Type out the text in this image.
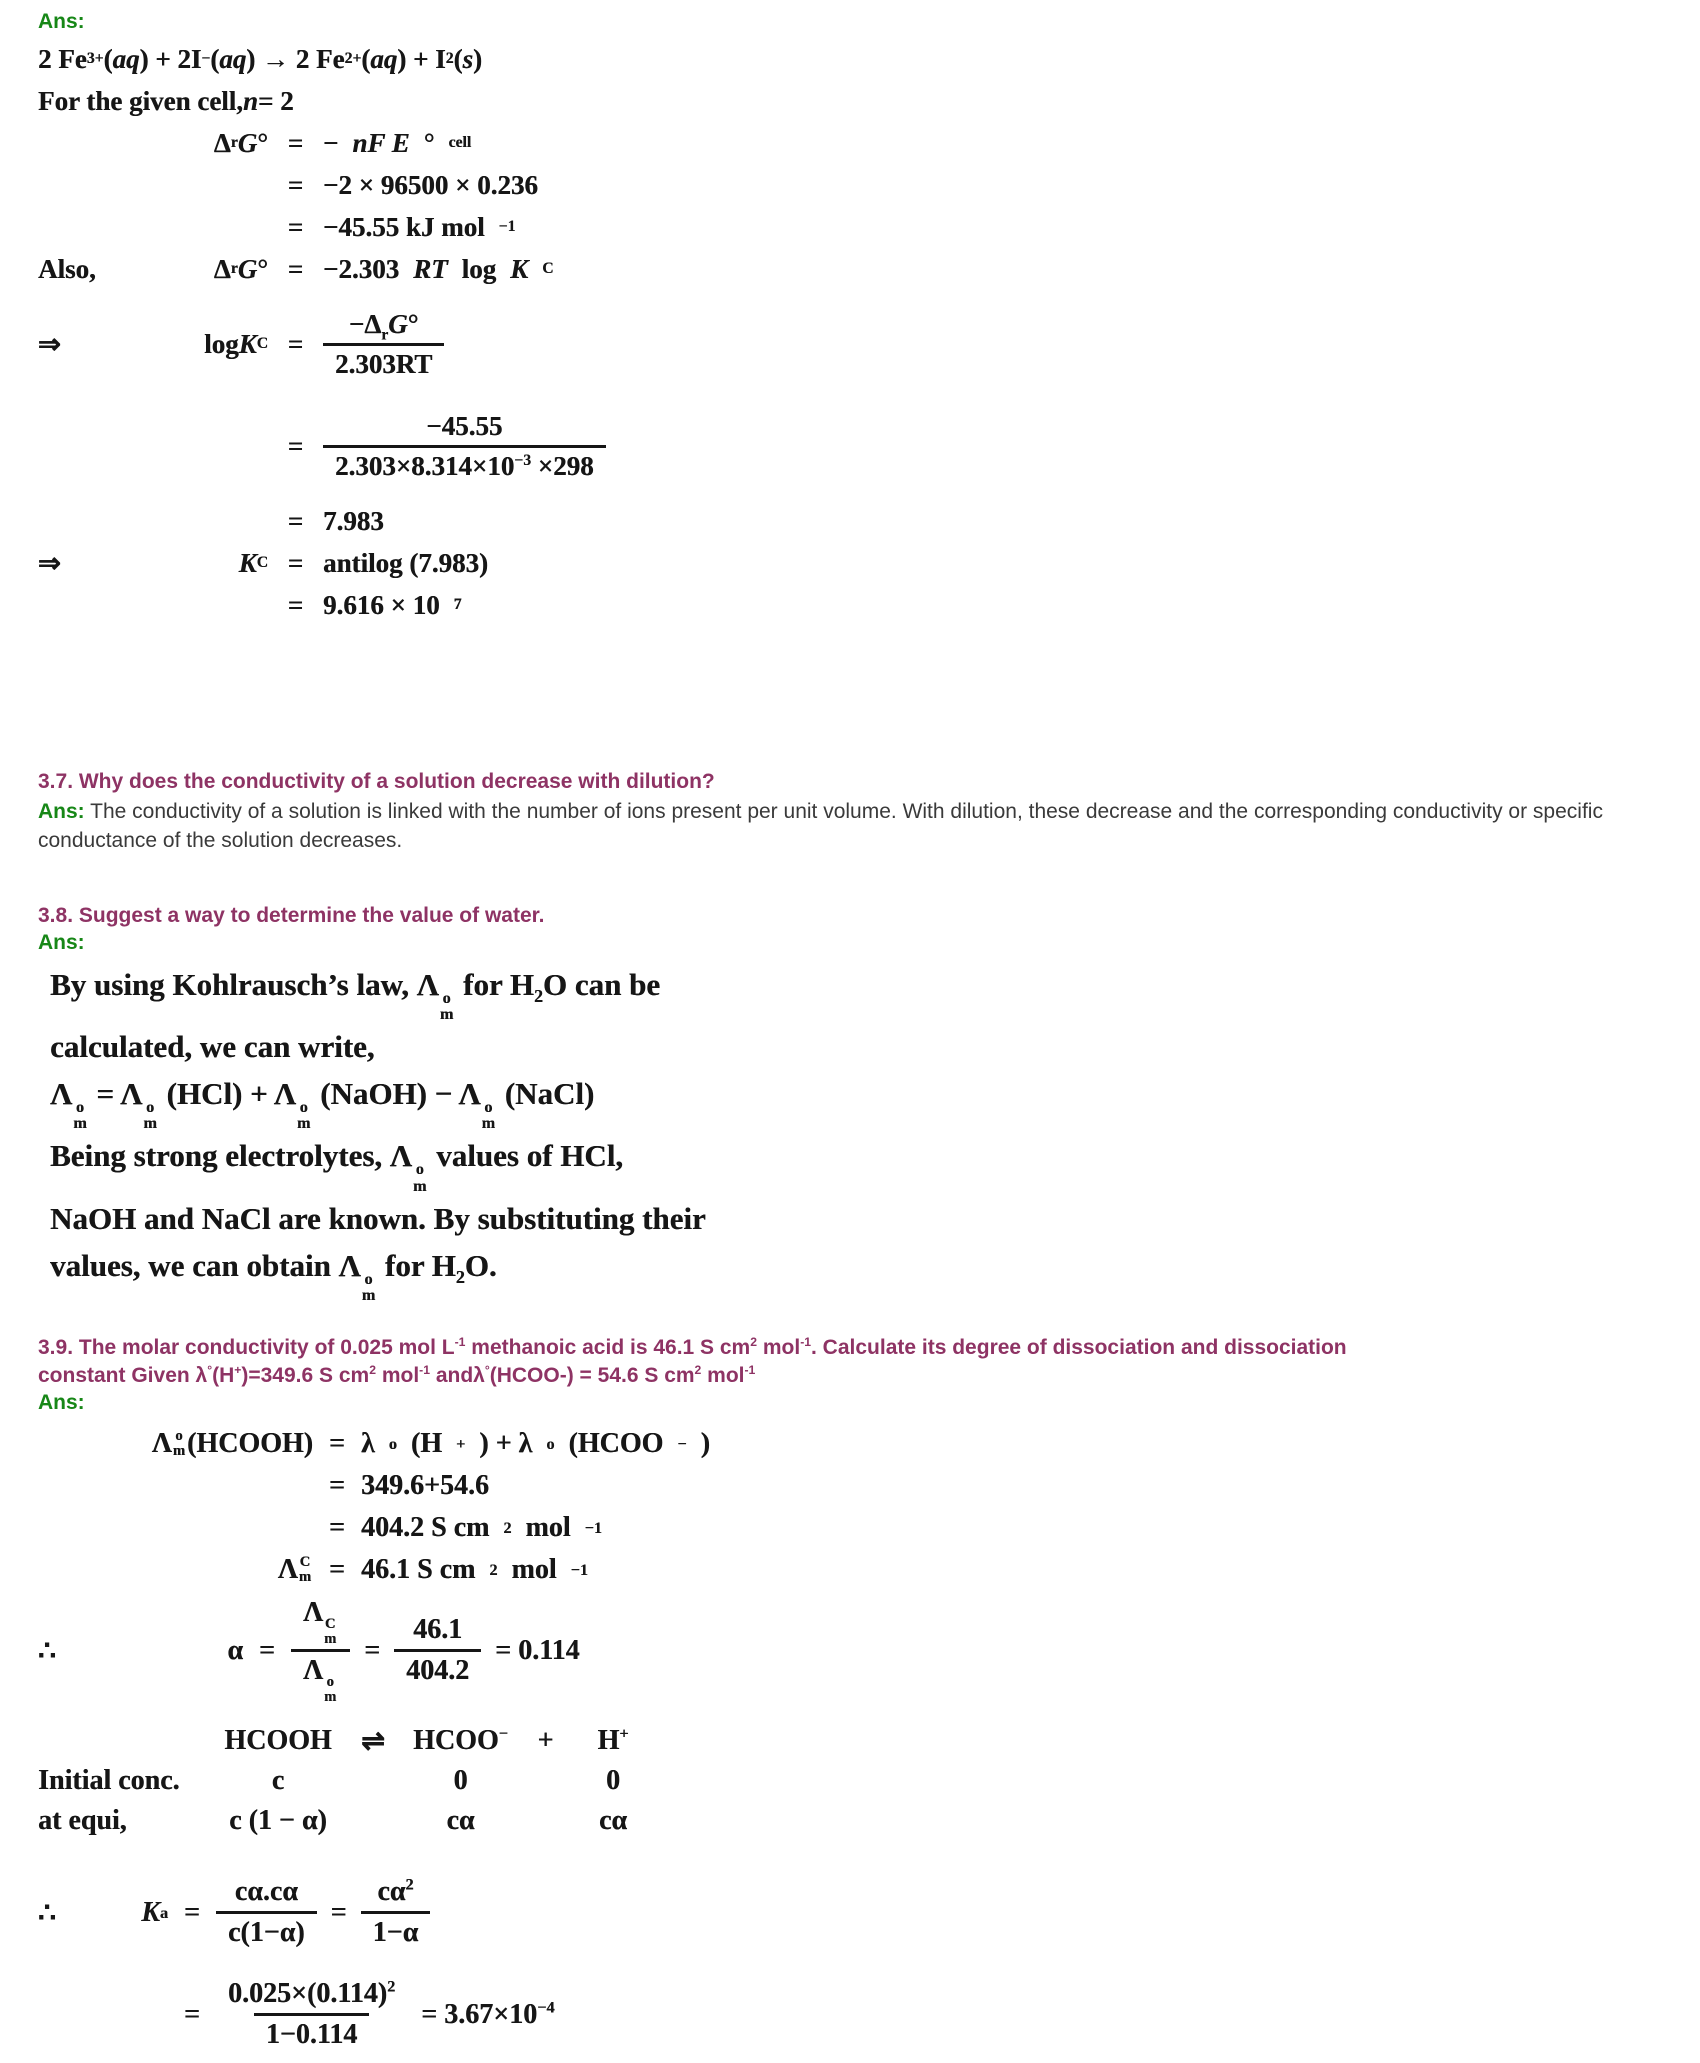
Ans:
2 Fe 3+ ( aq ) + 2I − ( aq ) → 2 Fe 2+ ( aq ) + I 2 ( s )
For the given cell, n = 2
Δ r G ° = − nF E ° cell
= −2 × 96500 × 0.236
= −45.55 kJ mol −1
Also,	Δ r G ° = −2.303 RT log K C
⇒	log K $C = \frac{-\Delta_rG^\circ}{2.303RT}$
= $\frac{-45.55}{2.303\times 8.314\times 10^{-3} \times 298}$
= 7.983
⇒	K C = antilog (7.983)
= 9.616 × 10 7
3.7. Why does the conductivity of a solution decrease with dilution?

Ans: The conductivity of a solution is linked with the number of ions present per unit volume. With dilution, these decrease and the corresponding conductivity or specific conductance of the solution decreases.

3.8. Suggest a way to determine the value of water.
Ans:
By using Kohlrausch’s law, Λ o
m
for $H_2O$ can be
calculated, we can write,
Λ o
m
= Λ o
m
(HCl) + Λ o
m
(NaOH) − Λ o
m
(NaCl)
Being strong electrolytes, Λ o
m
values of HCl,
NaOH and NaCl are known. By substituting their
values, we can obtain Λ o
m
for $H_2O$.
3.9. The molar conductivity of 0.025 mol $L^{-1}$ methanoic acid is 46.1 S $cm^2$ mol$^{-1}$. Calculate its degree of dissociation and dissociation
constant Given λ°(H+)=349.6 S $cm^2$ mol$^{-1}$ andλ°(HCOO-) = 54.6 S $cm^2$ mol$^{-1}$
Ans:
Λ o
m (HCOOH) = λ o (H + ) + λ o (HCOO − )
= 349.6+54.6
= 404.2 S cm 2 mol −1
Λ C
m = 46.1 S cm 2 mol −1
∴	α = Λ C
m
Λ o
$m = \frac{46.1}{404.2} = 0.114$
HCOOH	⇌	HCOO−	+	H+
Initial conc.	c	0	0
at equi,	c (1 − α)	cα	cα
∴	K $a = \frac{c\alpha.c\alpha}{c(1-\alpha)} = \frac{c\alpha^2}{1-\alpha}$
= $\frac{0.025\times(0.114)^2}{1-0.114} = 3.67\times 10^{-4}$
